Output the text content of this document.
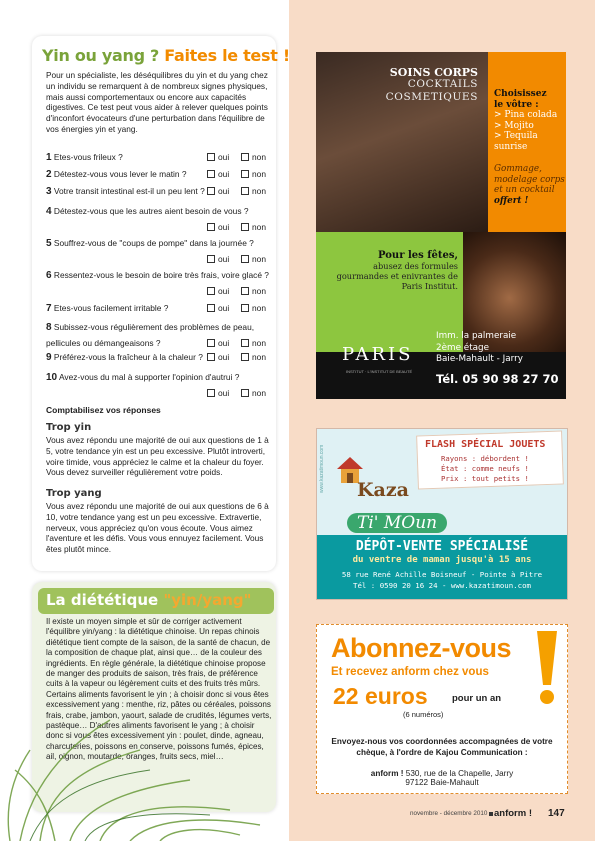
Yin ou yang ? Faites le test !
Pour un spécialiste, les déséquilibres du yin et du yang chez un individu se remarquent à de nombreux signes physiques, mais aussi comportementaux ou encore aux capacités digestives. Ce test peut vous aider à relever quelques points d'inconfort évocateurs d'une perturbation dans l'équilibre de vos énergies yin et yang.
1 Etes-vous frileux ?	oui	non
2 Détestez-vous vous lever le matin ?	oui	non
3 Votre transit intestinal est-il un peu lent ?	oui	non
4 Détestez-vous que les autres aient besoin de vous ?
oui	non
5 Souffrez-vous de "coups de pompe" dans la journée ?
oui	non
6 Ressentez-vous le besoin de boire très frais, voire glacé ?
oui	non
7 Etes-vous facilement irritable ?	oui	non
8 Subissez-vous régulièrement des problèmes de peau,
pellicules ou démangeaisons ?	oui	non
9 Préférez-vous la fraîcheur à la chaleur ?	oui	non
10 Avez-vous du mal à supporter l'opinion d'autrui ?
oui	non
Comptabilisez vos réponses
Trop yin
Vous avez répondu une majorité de oui aux questions de 1 à 5, votre tendance yin est un peu excessive. Plutôt introverti, voire timide, vous appréciez le calme et la chaleur du foyer. Vous devez surveiller régulièrement votre poids.
Trop yang
Vous avez répondu une majorité de oui aux questions de 6 à 10, votre tendance yang est un peu excessive. Extravertie, nerveux, vous appréciez qu'on vous écoute. Vous aimez l'aventure et les défis. Vous vous ennuyez facilement. Vous êtes plutôt mince.
La diététique "yin/yang"
Il existe un moyen simple et sûr de corriger activement l'équilibre yin/yang : la diététique chinoise. Un repas chinois diététique tient compte de la saison, de la santé de chacun, de la composition de chaque plat, ainsi que… de la couleur des ingrédients. En règle générale, la diététique chinoise propose de manger des produits de saison, très frais, de préférence cuits à la vapeur ou légèrement cuits et des fruits très mûrs. Certains aliments favorisent le yin ; à choisir donc si vous êtes excessivement yang : menthe, riz, pâtes ou céréales, poissons frais, crabe, jambon, yaourt, salade de crudités, légumes verts, pastèque… D'autres aliments favorisent le yang ; à choisir donc si vous êtes excessivement yin : poulet, dinde, agneau, charcuteries, poissons en conserve, poissons fumés, épices, ail, oignon, moutarde, oranges, fruits secs, miel…
SOINS CORPS
COCKTAILS
COSMETIQUES Choisissez
le vôtre :
> Pina colada
> Mojito
> Tequila sunrise
Gommage, modelage corps et un cocktail offert !
Pour les fêtes,
abusez des formules gourmandes et enivrantes de Paris Institut.
PARIS
INSTITUT · L'INSTITUT DE BEAUTÉ
Imm. la palmeraie
2ème étage
Baie-Mahault - Jarry
Tél. 05 90 98 27 70
www.kazatimoun.com
FLASH SPÉCIAL JOUETS
Rayons : débordent !
État : comme neufs !
Prix : tout petits !
Kaza
Ti' MOun
DÉPÔT-VENTE SPÉCIALISÉ
du ventre de maman jusqu'à 15 ans
58 rue René Achille Boisneuf - Pointe à Pitre
Tél : 0590 20 16 24 - www.kazatimoun.com
Abonnez-vous
Et recevez anform chez vous
22 euros	pour un an
(6 numéros)
Envoyez-nous vos coordonnées accompagnées de votre chèque, à l'ordre de Kajou Communication :
anform ! 530, rue de la Chapelle, Jarry
97122 Baie-Mahault
novembre - décembre 2010 anform ! 147
